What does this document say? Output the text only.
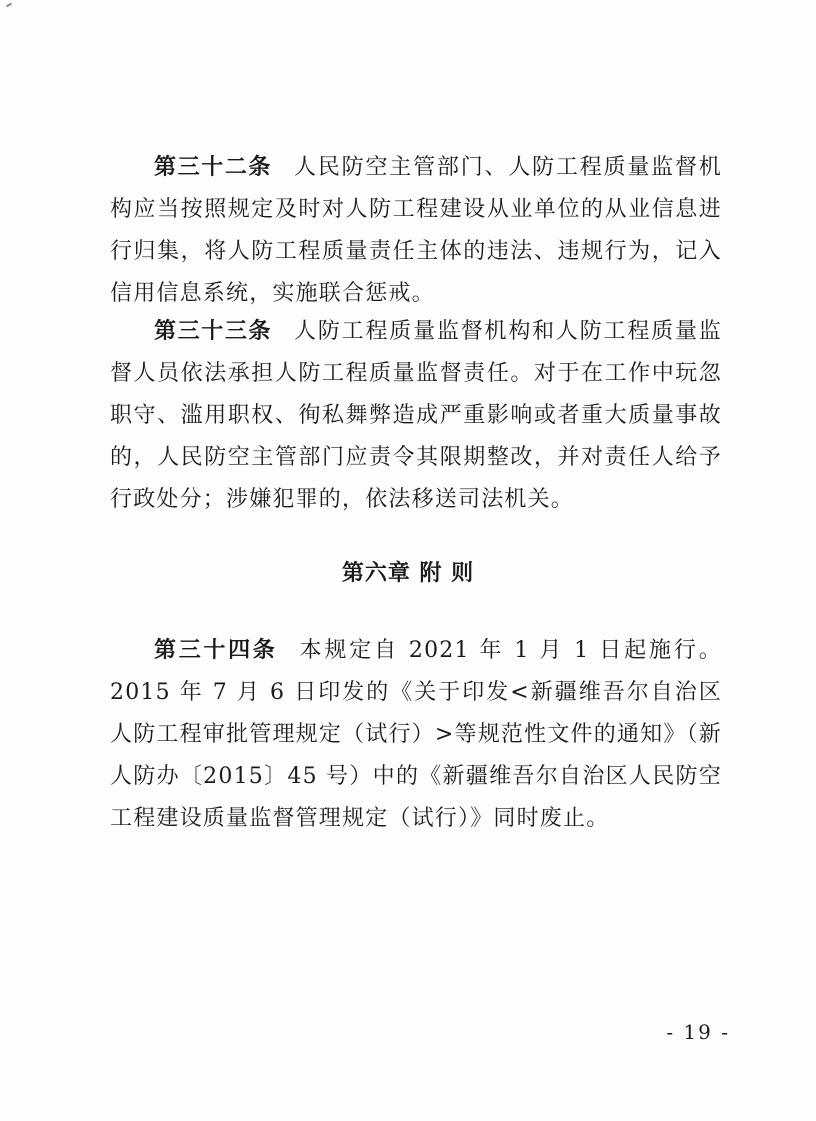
第三十二条 人民防空主管部门、人防工程质量监督机构应当按照规定及时对人防工程建设从业单位的从业信息进行归集，将人防工程质量责任主体的违法、违规行为，记入信用信息系统，实施联合惩戒。

第三十三条 人防工程质量监督机构和人防工程质量监督人员依法承担人防工程质量监督责任。对于在工作中玩忽职守、滥用职权、徇私舞弊造成严重影响或者重大质量事故的，人民防空主管部门应责令其限期整改，并对责任人给予行政处分；涉嫌犯罪的，依法移送司法机关。

第六章 附 则

第三十四条 本规定自 2021 年 1 月 1 日起施行。2015 年 7 月 6 日印发的《关于印发<新疆维吾尔自治区人防工程审批管理规定（试行）>等规范性文件的通知》（新人防办〔2015〕45 号）中的《新疆维吾尔自治区人民防空工程建设质量监督管理规定（试行）》同时废止。

- 19 -
